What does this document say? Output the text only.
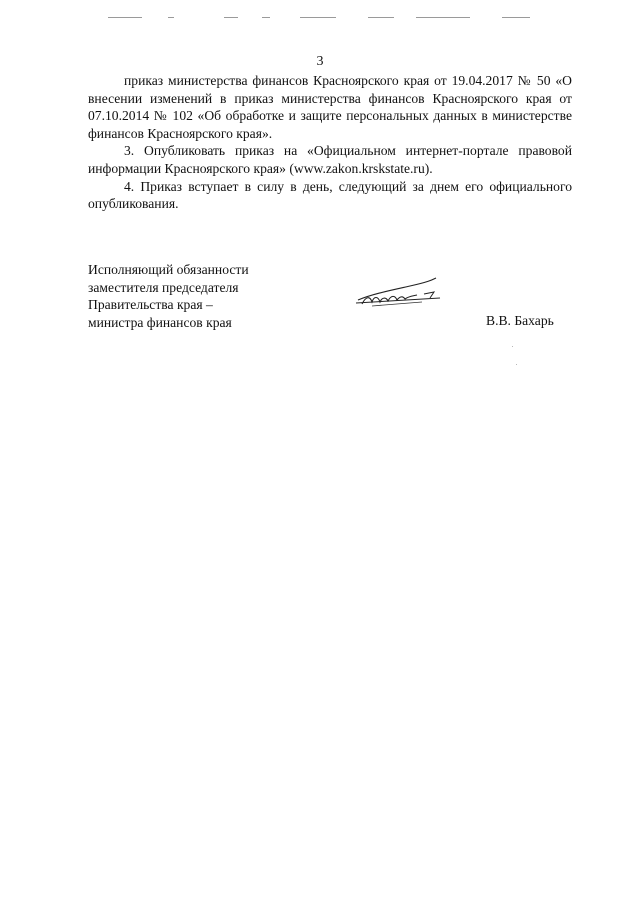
3

приказ министерства финансов Красноярского края от 19.04.2017 № 50 «О внесении изменений в приказ министерства финансов Красноярского края от 07.10.2014 № 102 «Об обработке и защите персональных данных в министерстве финансов Красноярского края».

3. Опубликовать приказ на «Официальном интернет-портале правовой информации Красноярского края» (www.zakon.krskstate.ru).

4. Приказ вступает в силу в день, следующий за днем его официального опубликования.

Исполняющий обязанности
заместителя председателя
Правительства края –
министра финансов края	В.В. Бахарь
